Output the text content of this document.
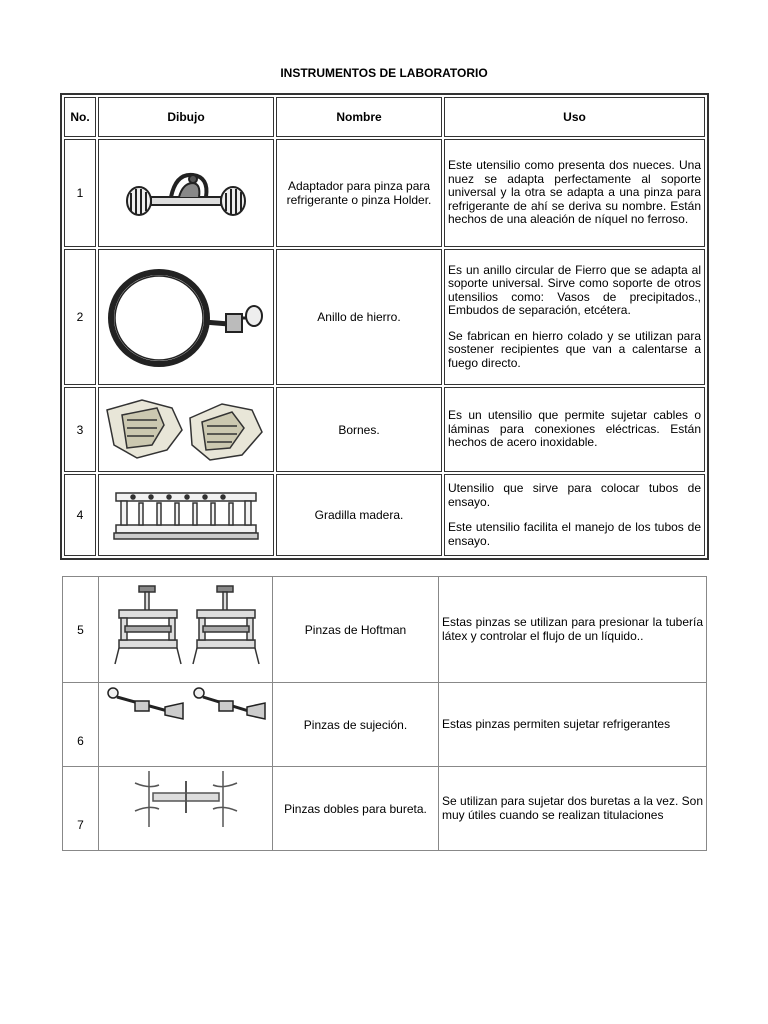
INSTRUMENTOS DE LABORATORIO
No.	Dibujo	Nombre	Uso
1		Adaptador para pinza para refrigerante o pinza Holder.	Este utensilio como presenta dos nueces. Una nuez se adapta perfectamente al soporte universal y la otra se adapta a una pinza para refrigerante de ahí se deriva su nombre. Están hechos de una aleación de níquel no ferroso.

2		Anillo de hierro.	Es un anillo circular de Fierro que se adapta al soporte universal. Sirve como soporte de otros utensilios como: Vasos de precipitados., Embudos de separación, etcétera.

Se fabrican en hierro colado y se utilizan para sostener recipientes que van a calentarse a fuego directo.

3		Bornes.	Es un utensilio que permite sujetar cables o láminas para conexiones eléctricas. Están hechos de acero inoxidable.

4		Gradilla madera.	Utensilio que sirve para colocar tubos de ensayo.

Este utensilio facilita el manejo de los tubos de ensayo.

5		Pinzas de Hoftman	Estas pinzas se utilizan para presionar la tubería látex y controlar el flujo de un líquido..

6		Pinzas de sujeción.	Estas pinzas permiten sujetar refrigerantes

7		Pinzas dobles para bureta.	Se utilizan para sujetar dos buretas a la vez. Son muy útiles cuando se realizan titulaciones
